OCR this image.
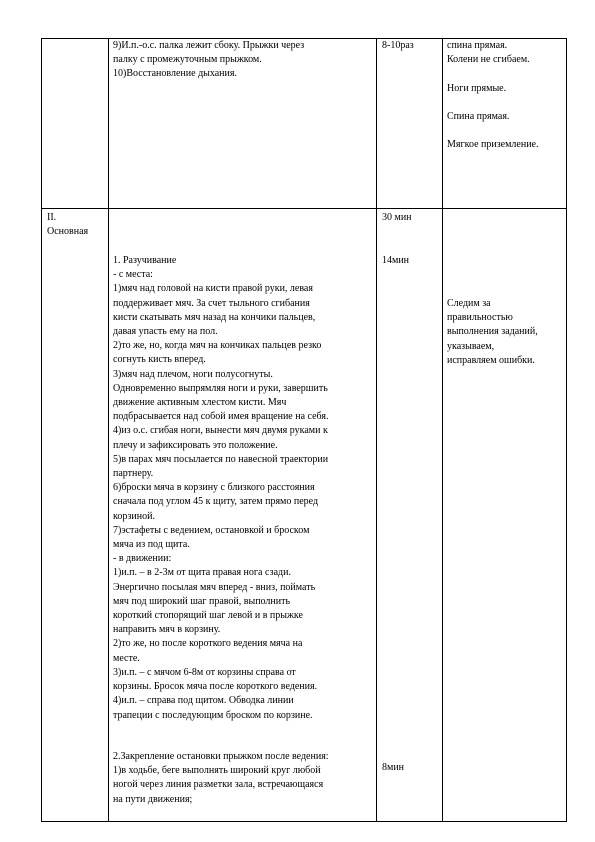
9)И.п.-о.с. палка лежит сбоку. Прыжки через
палку с промежуточным прыжком.
10)Восстановление дыхания.
8-10раз	спина прямая.
Колени не сгибаем.

Ноги прямые.

Спина прямая.

Мягкое приземление.
II.
Основная
1. Разучивание
- с места:
1)мяч над головой на кисти правой руки, левая
поддерживает мяч. За счет тыльного сгибания
кисти скатывать мяч назад на кончики пальцев,
давая упасть ему на пол.
2)то же, но, когда мяч на кончиках пальцев резко
согнуть кисть вперед.
3)мяч над плечом, ноги полусогнуты.
Одновременно выпрямляя ноги и руки, завершить
движение активным хлестом кисти. Мяч
подбрасывается над собой имея вращение на себя.
4)из о.с. сгибая ноги, вынести мяч двумя руками к
плечу и зафиксировать это положение.
5)в парах мяч посылается по навесной траектории
партнеру.
6)броски мяча в корзину с близкого расстояния
сначала под углом 45 к щиту, затем прямо перед
корзиной.
7)эстафеты с ведением, остановкой и броском
мяча из под щита.
- в движении:
1)и.п. – в 2-3м от щита правая нога сзади.
Энергично посылая мяч вперед - вниз, поймать
мяч под широкий шаг правой, выполнить
короткий стопорящий шаг левой и в прыжке
направить мяч в корзину.
2)то же, но после короткого ведения мяча на
месте.
3)и.п. – с мячом 6-8м от корзины справа от
корзины. Бросок мяча после короткого ведения.
4)и.п. – справа под щитом. Обводка линии
трапеции с последующим броском по корзине.
2.Закрепление остановки прыжком после ведения:
1)в ходьбе, беге выполнять широкий круг любой
ногой через линия разметки зала, встречающаяся
на пути движения;
30 мин
14мин
8мин
Следим за
правильностью
выполнения заданий,
указываем,
исправляем ошибки.
